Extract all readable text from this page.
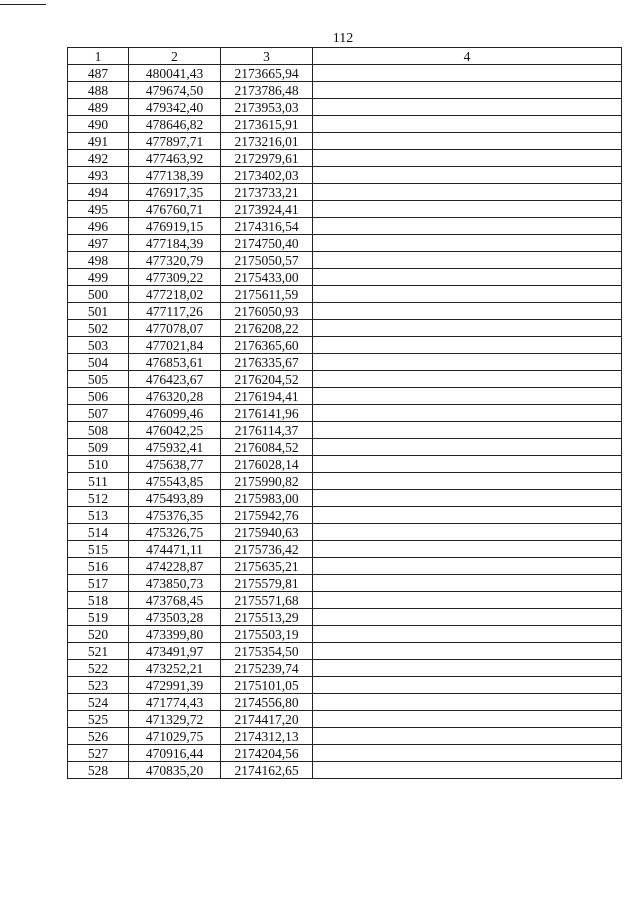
112
1	2	3	4
487	480041,43	2173665,94	
488	479674,50	2173786,48	
489	479342,40	2173953,03	
490	478646,82	2173615,91	
491	477897,71	2173216,01	
492	477463,92	2172979,61	
493	477138,39	2173402,03	
494	476917,35	2173733,21	
495	476760,71	2173924,41	
496	476919,15	2174316,54	
497	477184,39	2174750,40	
498	477320,79	2175050,57	
499	477309,22	2175433,00	
500	477218,02	2175611,59	
501	477117,26	2176050,93	
502	477078,07	2176208,22	
503	477021,84	2176365,60	
504	476853,61	2176335,67	
505	476423,67	2176204,52	
506	476320,28	2176194,41	
507	476099,46	2176141,96	
508	476042,25	2176114,37	
509	475932,41	2176084,52	
510	475638,77	2176028,14	
511	475543,85	2175990,82	
512	475493,89	2175983,00	
513	475376,35	2175942,76	
514	475326,75	2175940,63	
515	474471,11	2175736,42	
516	474228,87	2175635,21	
517	473850,73	2175579,81	
518	473768,45	2175571,68	
519	473503,28	2175513,29	
520	473399,80	2175503,19	
521	473491,97	2175354,50	
522	473252,21	2175239,74	
523	472991,39	2175101,05	
524	471774,43	2174556,80	
525	471329,72	2174417,20	
526	471029,75	2174312,13	
527	470916,44	2174204,56	
528	470835,20	2174162,65	
